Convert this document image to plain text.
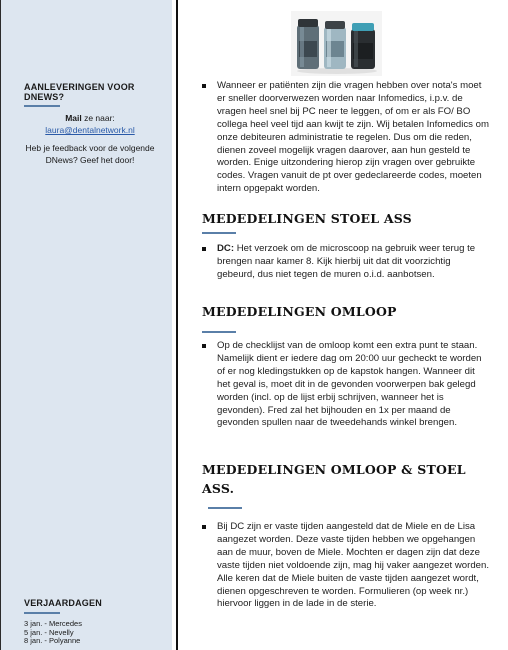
AANLEVERINGEN VOOR DNEWS?
Mail ze naar:
laura@dentalnetwork.nl
Heb je feedback voor de volgende DNews? Geef het door!
VERJAARDAGEN
3 jan. - Mercedes
5 jan. - Nevelly
8 jan. - Polyanne
Wanneer er patiënten zijn die vragen hebben over nota's moet er sneller doorverwezen worden naar Infomedics, i.p.v. de vragen heel snel bij PC neer te leggen, of om er als FO/ BO collega heel veel tijd aan kwijt te zijn. Wij betalen Infomedics om onze debiteuren administratie te regelen. Dus om die reden, dienen zoveel mogelijk vragen daarover, aan hun gesteld te worden. Enige uitzondering hierop zijn vragen over gebruikte codes. Vragen vanuit de pt over gedeclareerde codes, moeten intern opgepakt worden.
MEDEDELINGEN STOEL ASS
DC: Het verzoek om de microscoop na gebruik weer terug te brengen naar kamer 8. Kijk hierbij uit dat dit voorzichtig gebeurd, dus niet tegen de muren o.i.d. aanbotsen.
MEDEDELINGEN OMLOOP
Op de checklijst van de omloop komt een extra punt te staan. Namelijk dient er iedere dag om 20:00 uur gecheckt te worden of er nog kledingstukken op de kapstok hangen. Wanneer dit het geval is, moet dit in de gevonden voorwerpen bak gelegd worden (incl. op de lijst erbij schrijven, wanneer het is gevonden). Fred zal het bijhouden en 1x per maand de gevonden spullen naar de tweedehands winkel brengen.
MEDEDELINGEN OMLOOP & STOEL ASS.
Bij DC zijn er vaste tijden aangesteld dat de Miele en de Lisa aangezet worden. Deze vaste tijden hebben we opgehangen aan de muur, boven de Miele. Mochten er dagen zijn dat deze vaste tijden niet voldoende zijn, mag hij vaker aangezet worden. Alle keren dat de Miele buiten de vaste tijden aangezet wordt, dienen opgeschreven te worden. Formulieren (op week nr.) hiervoor liggen in de lade in de sterie.
